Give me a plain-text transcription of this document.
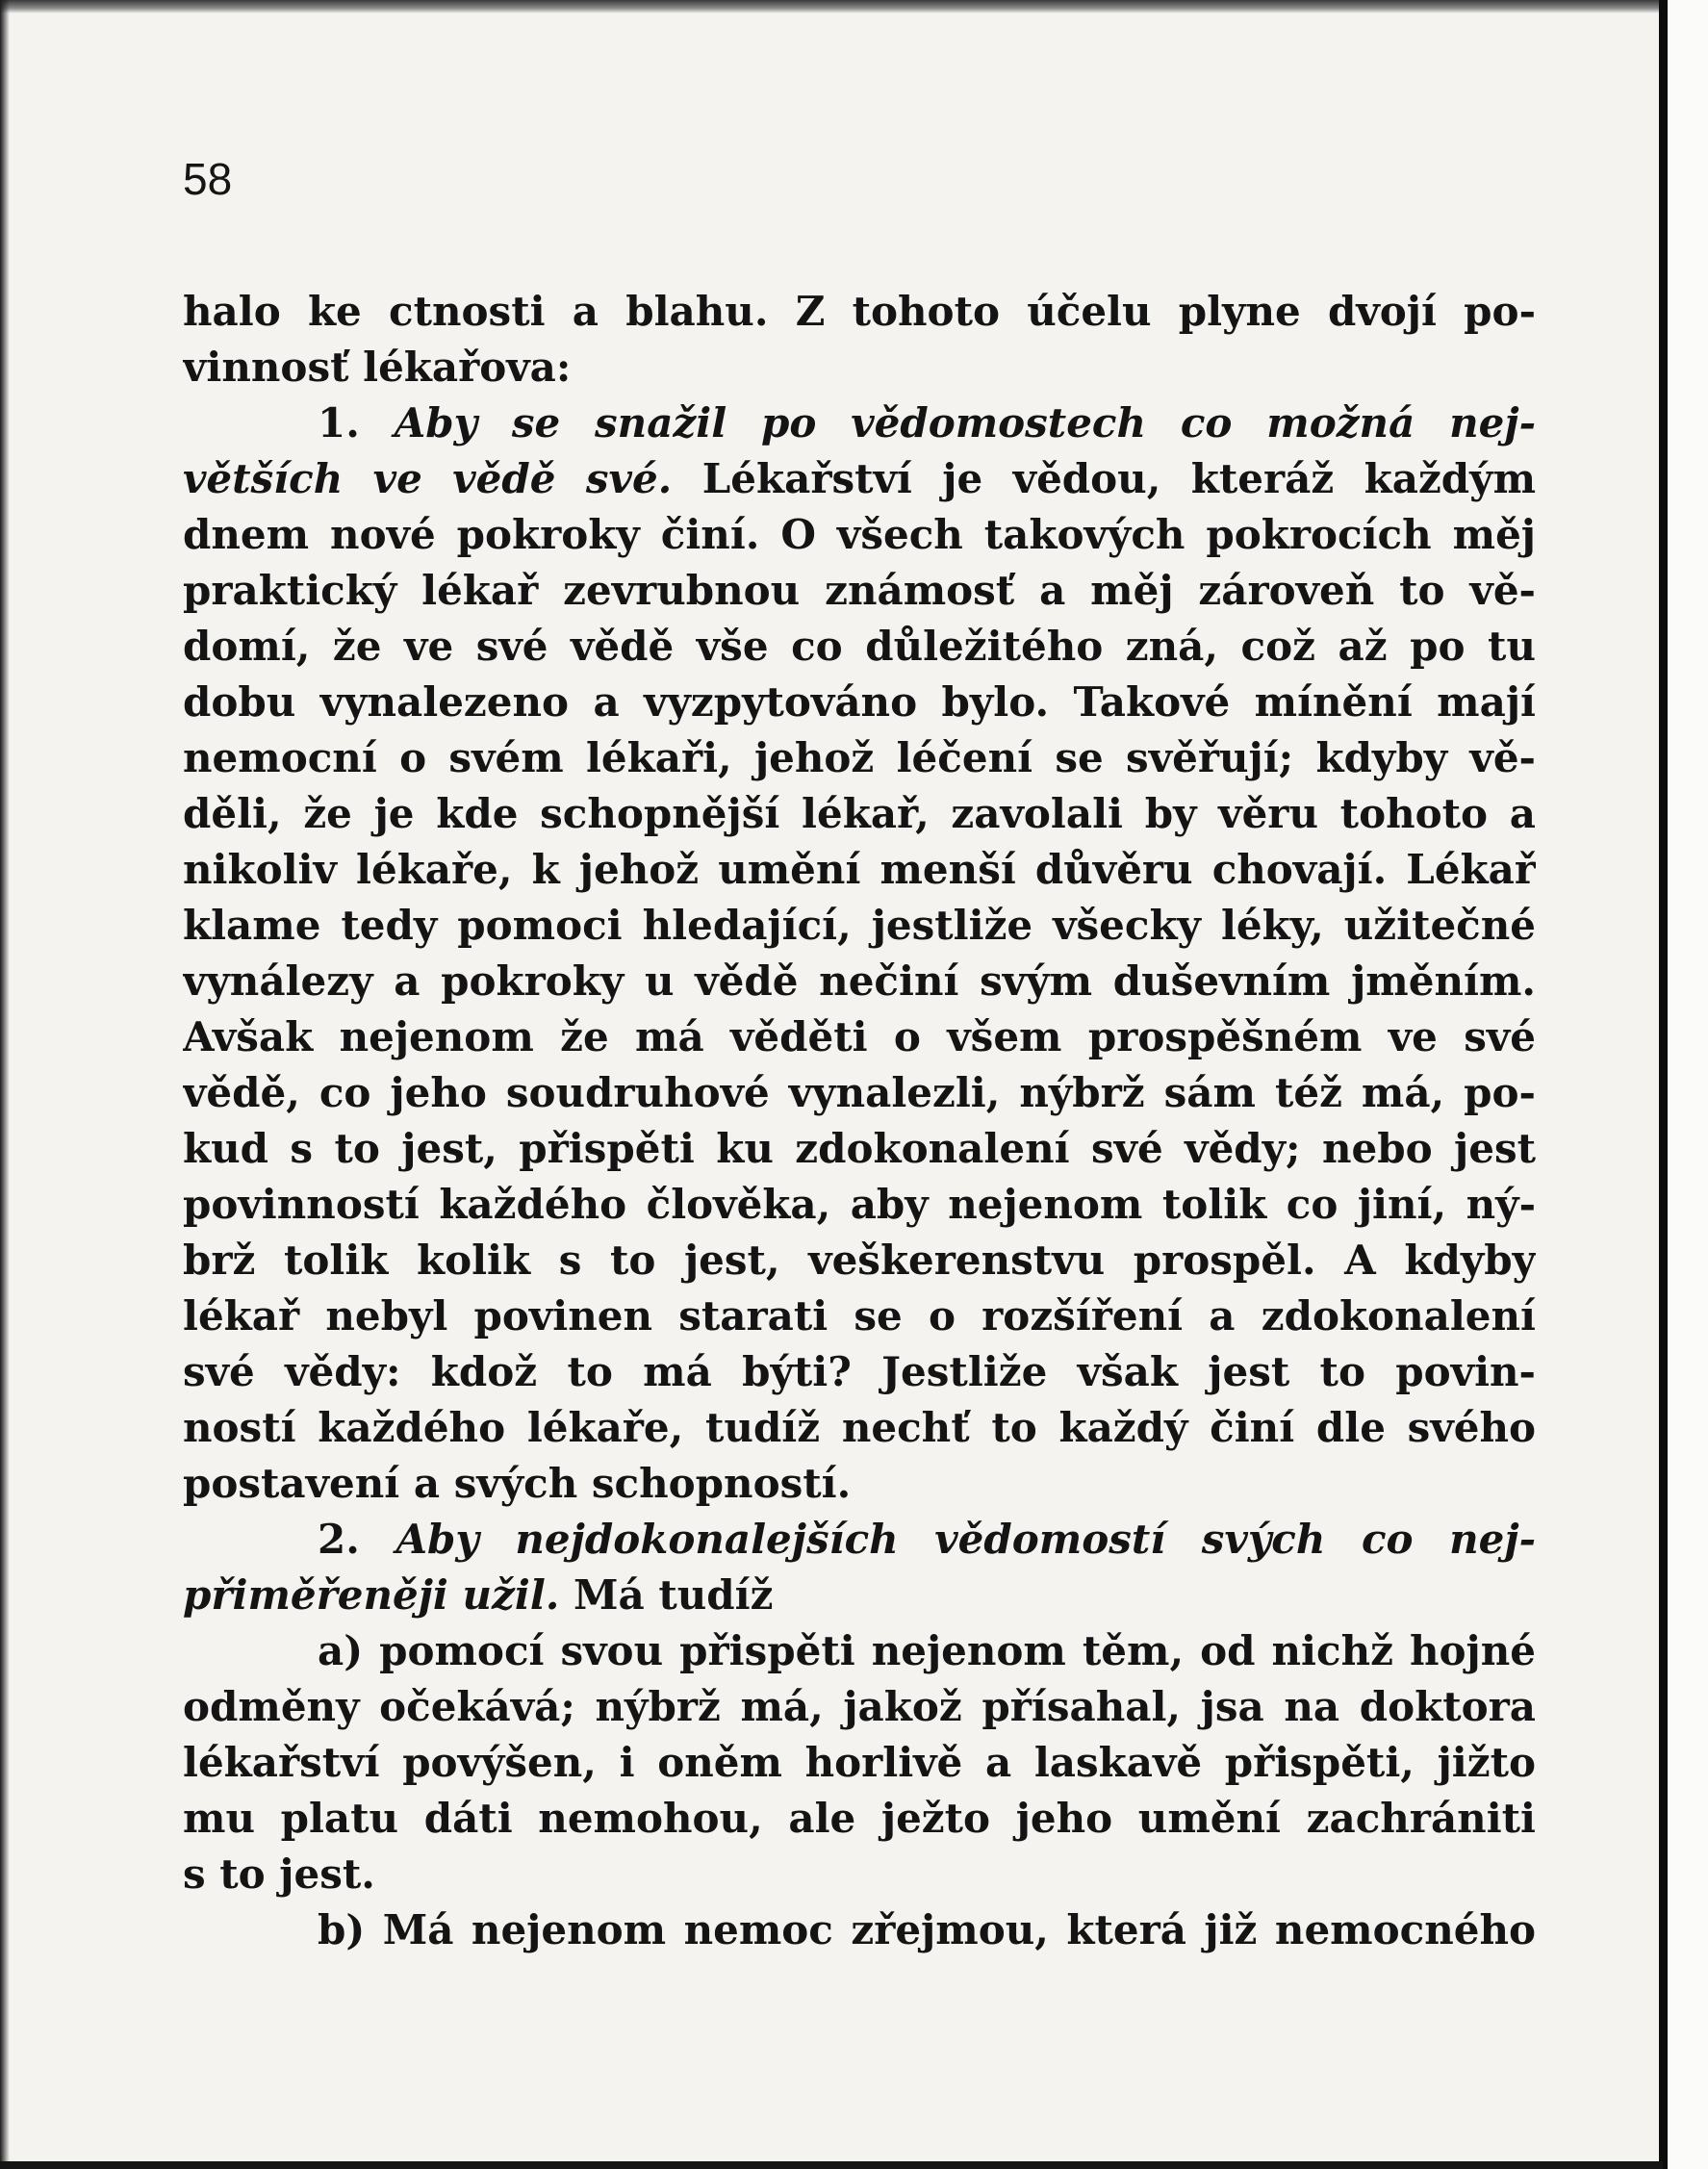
58
halo ke ctnosti a blahu. Z tohoto účelu plyne dvojí po-
vinnosť lékařova:
1. Aby se snažil po vědomostech co možná nej-
větších ve vědě své. Lékařství je vědou, kteráž každým
dnem nové pokroky činí. O všech takových pokrocích měj
praktický lékař zevrubnou známosť a měj zároveň to vě-
domí, že ve své vědě vše co důležitého zná, což až po tu
dobu vynalezeno a vyzpytováno bylo. Takové mínění mají
nemocní o svém lékaři, jehož léčení se svěřují; kdyby vě-
děli, že je kde schopnější lékař, zavolali by věru tohoto a
nikoliv lékaře, k jehož umění menší důvěru chovají. Lékař
klame tedy pomoci hledající, jestliže všecky léky, užitečné
vynálezy a pokroky u vědě nečiní svým duševním jměním.
Avšak nejenom že má věděti o všem prospěšném ve své
vědě, co jeho soudruhové vynalezli, nýbrž sám též má, po-
kud s to jest, přispěti ku zdokonalení své vědy; nebo jest
povinností každého člověka, aby nejenom tolik co jiní, ný-
brž tolik kolik s to jest, veškerenstvu prospěl. A kdyby
lékař nebyl povinen starati se o rozšíření a zdokonalení
své vědy: kdož to má býti? Jestliže však jest to povin-
ností každého lékaře, tudíž nechť to každý činí dle svého
postavení a svých schopností.
2. Aby nejdokonalejších vědomostí svých co nej-
přiměřeněji užil. Má tudíž
a) pomocí svou přispěti nejenom těm, od nichž hojné
odměny očekává; nýbrž má, jakož přísahal, jsa na doktora
lékařství povýšen, i oněm horlivě a laskavě přispěti, jižto
mu platu dáti nemohou, ale ježto jeho umění zachrániti
s to jest.
b) Má nejenom nemoc zřejmou, která již nemocného
